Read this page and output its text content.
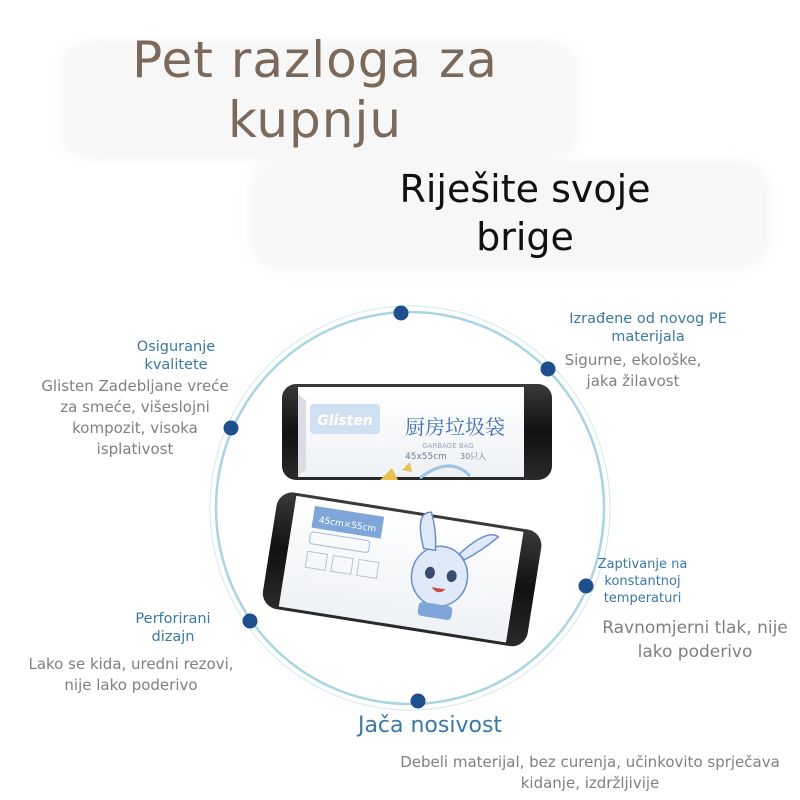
Pet razloga za kupnju
Riješite svoje brige
Glisten 厨房垃圾袋
GARBAGE BAG
45x55cm 30只入
45cm×55cm
Osiguranje kvalitete
Glisten Zadebljane vreće za smeće, višeslojni kompozit, visoka isplativost
Izrađene od novog PE materijala
Sigurne, ekološke, jaka žilavost
Perforirani dizajn
Lako se kida, uredni rezovi, nije lako poderivo
Zaptivanje na konstantnoj temperaturi
Ravnomjerni tlak, nije lako poderivo
Jača nosivost
Debeli materijal, bez curenja, učinkovito sprječava kidanje, izdržljivije
